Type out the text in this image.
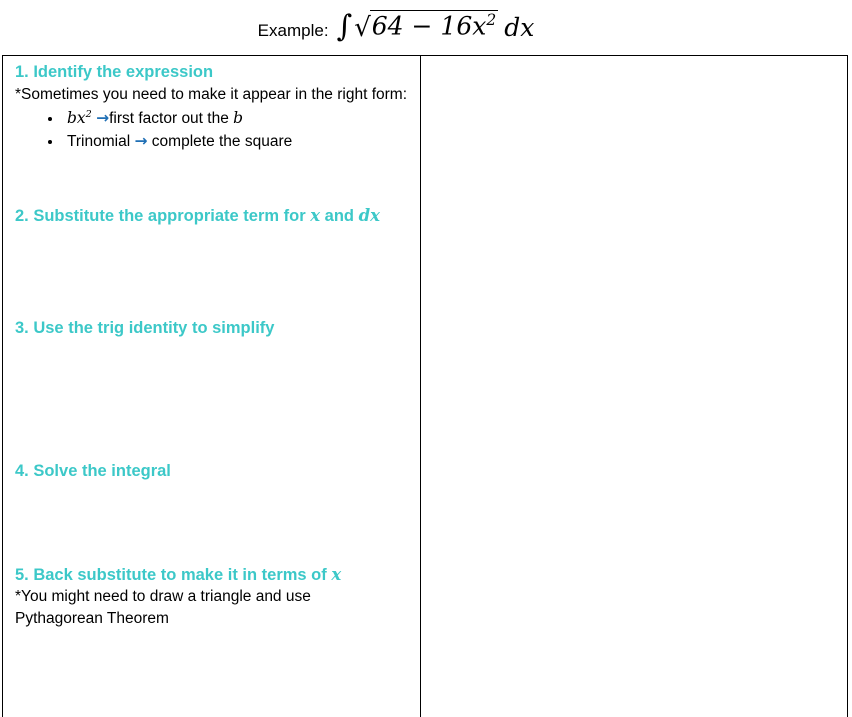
Example: ∫ √ $64 - 16x^2$ dx

1. Identify the expression

*Sometimes you need to make it appear in the right form:

• $bx^2$ →first factor out the b
• Trinomial → complete the square

2. Substitute the appropriate term for x and dx

3. Use the trig identity to simplify

4. Solve the integral

5. Back substitute to make it in terms of x

*You might need to draw a triangle and use

Pythagorean Theorem
